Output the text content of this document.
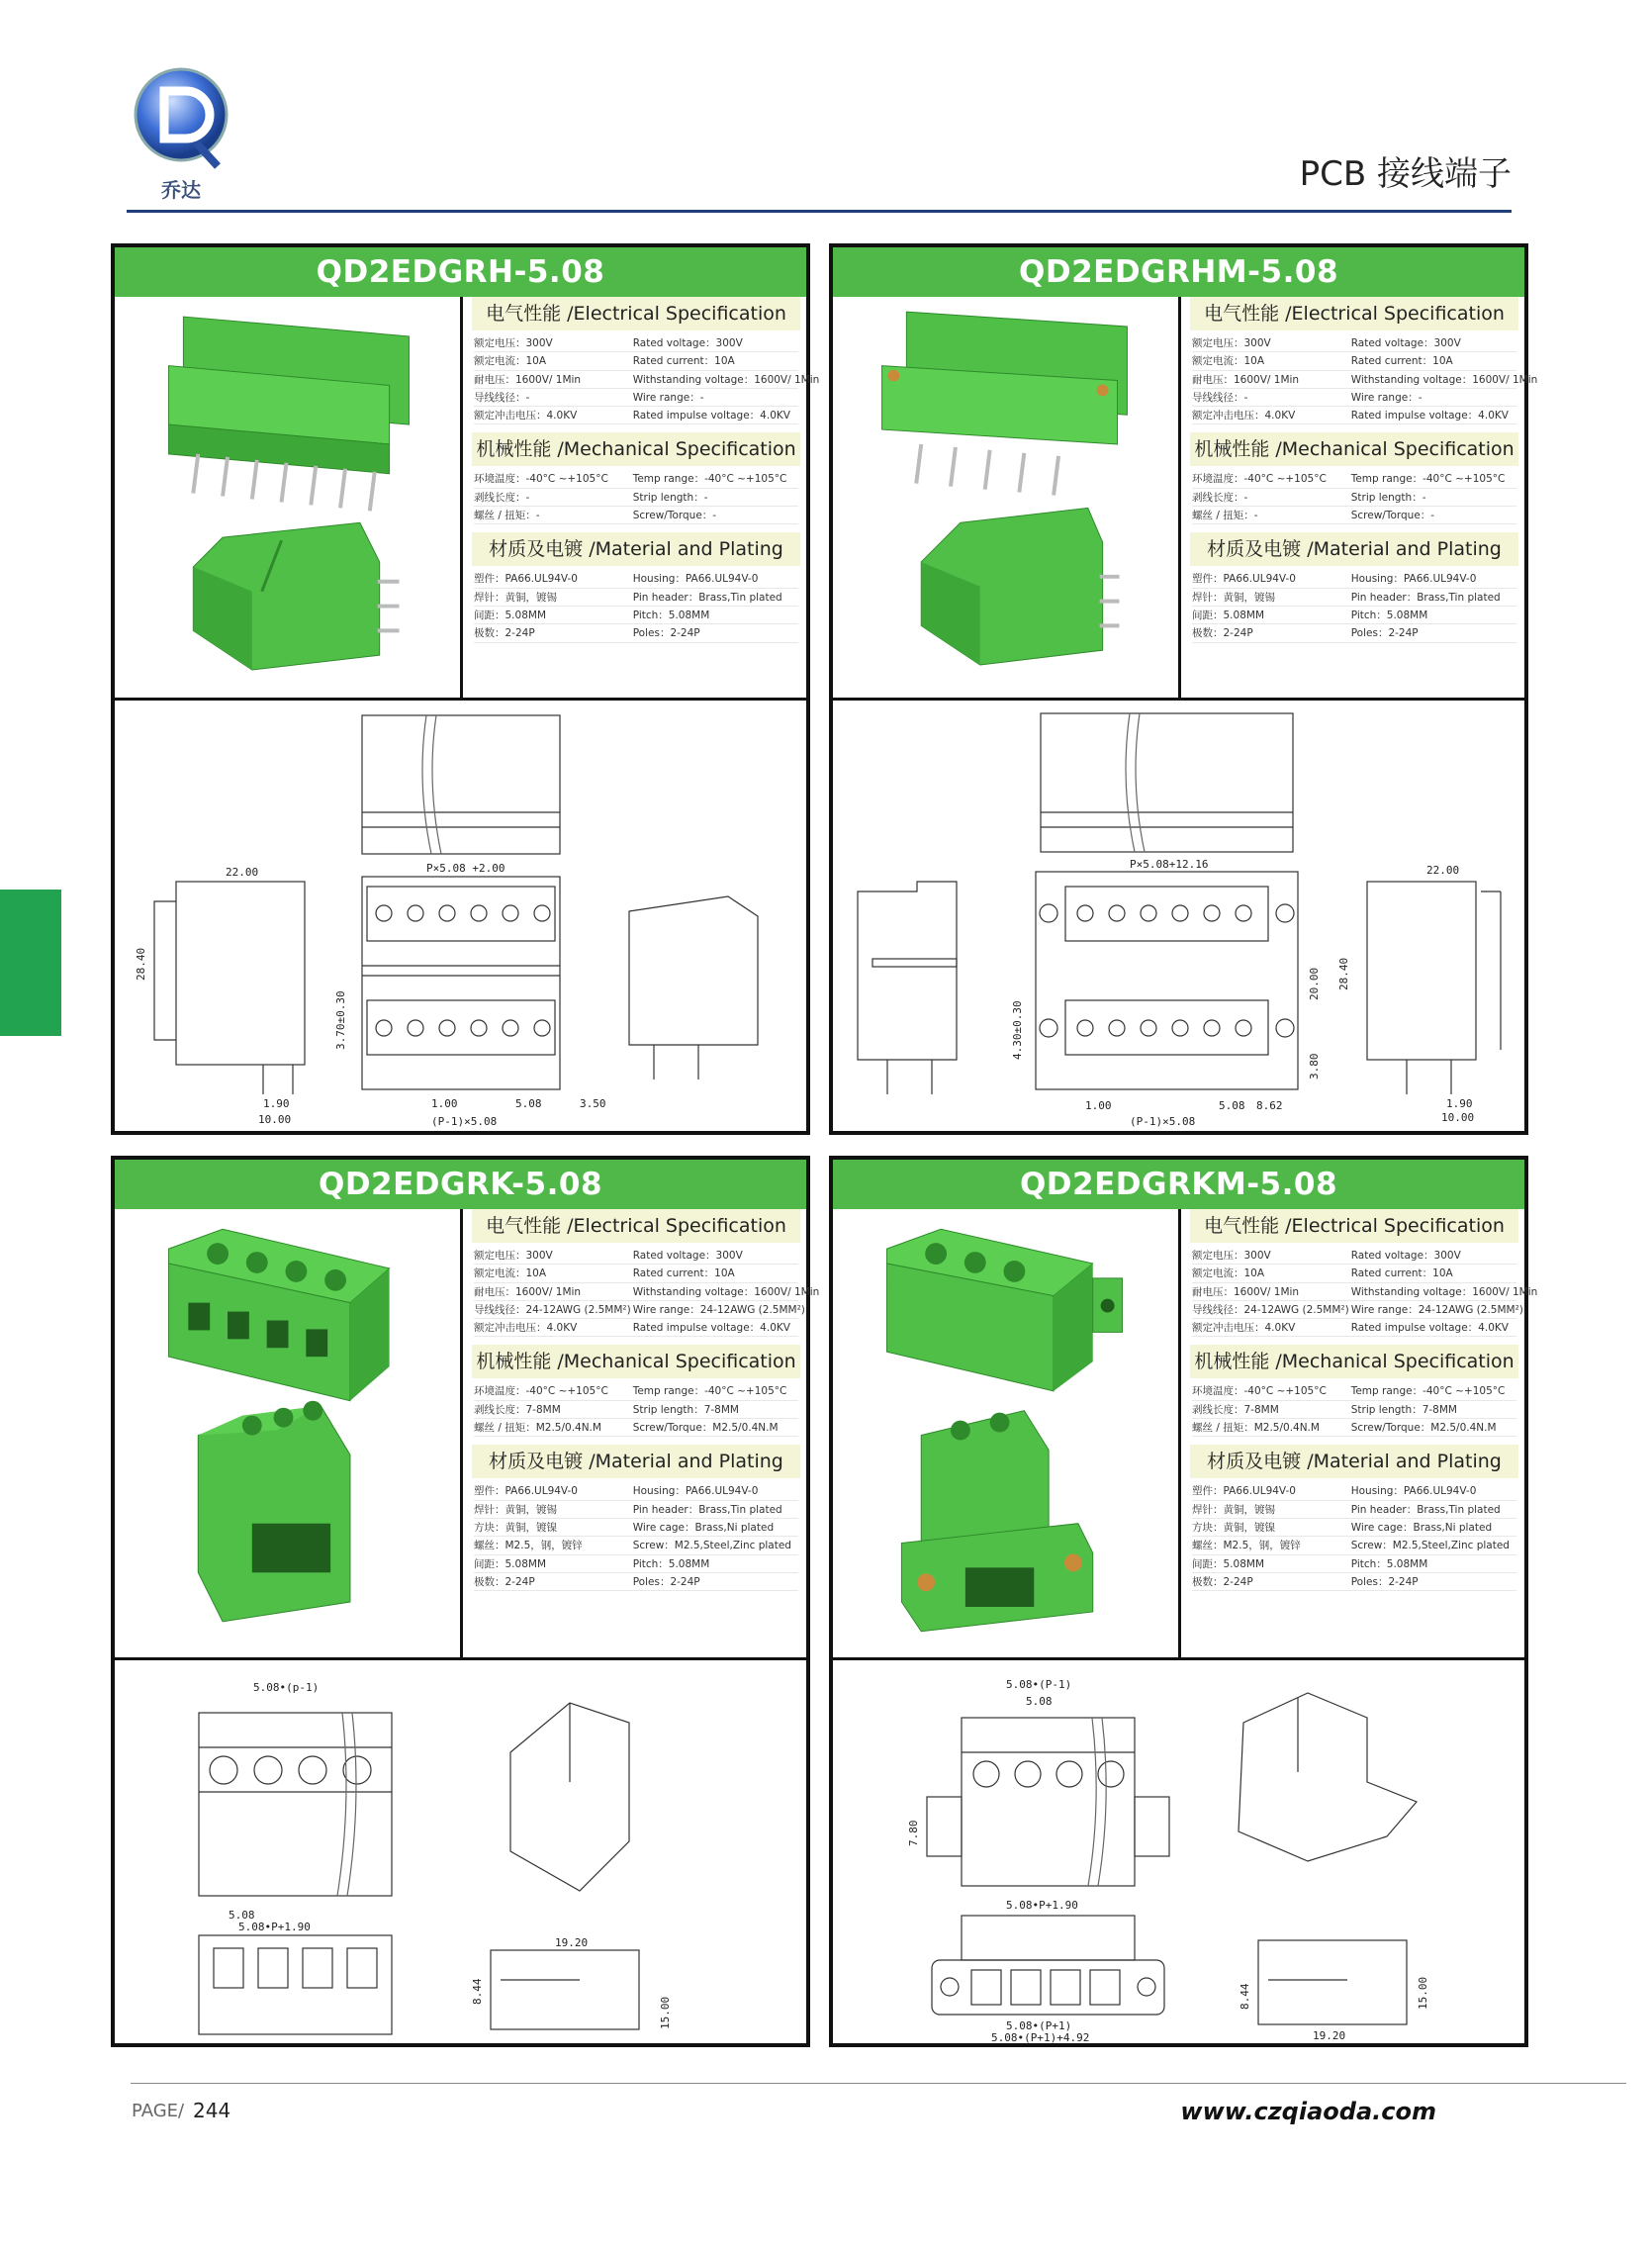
乔达	PCB 接线端子
QD2EDGRH-5.08
电气性能 /Electrical Specification
额定电压：300V	Rated voltage：300V
额定电流：10A	Rated current：10A
耐电压：1600V/ 1Min	Withstanding voltage：1600V/ 1Min
导线线径：-	Wire range：-
额定冲击电压：4.0KV	Rated impulse voltage：4.0KV
机械性能 /Mechanical Specification
环境温度：-40°C ~+105°C	Temp range：-40°C ~+105°C
剥线长度：-	Strip length：-
螺丝 / 扭矩：-	Screw/Torque：-
材质及电镀 /Material and Plating
塑件：PA66.UL94V-0	Housing：PA66.UL94V-0
焊针：黄铜，镀锡	Pin header：Brass,Tin plated
间距：5.08MM	Pitch：5.08MM
极数：2-24P	Poles：2-24P
22.00
28.40
P×5.08 +2.00
3.70±0.30
1.90
10.00
1.00	5.08	3.50
(P-1)×5.08
QD2EDGRHM-5.08
电气性能 /Electrical Specification
额定电压：300V	Rated voltage：300V
额定电流：10A	Rated current：10A
耐电压：1600V/ 1Min	Withstanding voltage：1600V/ 1Min
导线线径：-	Wire range：-
额定冲击电压：4.0KV	Rated impulse voltage：4.0KV
机械性能 /Mechanical Specification
环境温度：-40°C ~+105°C	Temp range：-40°C ~+105°C
剥线长度：-	Strip length：-
螺丝 / 扭矩：-	Screw/Torque：-
材质及电镀 /Material and Plating
塑件：PA66.UL94V-0	Housing：PA66.UL94V-0
焊针：黄铜，镀锡	Pin header：Brass,Tin plated
间距：5.08MM	Pitch：5.08MM
极数：2-24P	Poles：2-24P
P×5.08+12.16	22.00
20.00 28.40
4.30±0.30
3.80
1.00	5.08 8.62
(P-1)×5.08
1.90
10.00
QD2EDGRK-5.08
电气性能 /Electrical Specification
额定电压：300V	Rated voltage：300V
额定电流：10A	Rated current：10A
耐电压：1600V/ 1Min	Withstanding voltage：1600V/ 1Min
导线线径：24-12AWG (2.5MM²) Wire range：24-12AWG (2.5MM²)
额定冲击电压：4.0KV	Rated impulse voltage：4.0KV
机械性能 /Mechanical Specification
环境温度：-40°C ~+105°C	Temp range：-40°C ~+105°C
剥线长度：7-8MM	Strip length：7-8MM
螺丝 / 扭矩：M2.5/0.4N.M	Screw/Torque：M2.5/0.4N.M
材质及电镀 /Material and Plating
塑件：PA66.UL94V-0	Housing：PA66.UL94V-0
焊针：黄铜，镀锡	Pin header：Brass,Tin plated
方块：黄铜，镀镍	Wire cage：Brass,Ni plated
螺丝：M2.5，钢，镀锌	Screw：M2.5,Steel,Zinc plated
间距：5.08MM	Pitch：5.08MM
极数：2-24P	Poles：2-24P
5.08•(p-1)
5.08
5.08•P+1.90
19.20
8.44
15.00
QD2EDGRKM-5.08
电气性能 /Electrical Specification
额定电压：300V	Rated voltage：300V
额定电流：10A	Rated current：10A
耐电压：1600V/ 1Min	Withstanding voltage：1600V/ 1Min
导线线径：24-12AWG (2.5MM²) Wire range：24-12AWG (2.5MM²)
额定冲击电压：4.0KV	Rated impulse voltage：4.0KV
机械性能 /Mechanical Specification
环境温度：-40°C ~+105°C	Temp range：-40°C ~+105°C
剥线长度：7-8MM	Strip length：7-8MM
螺丝 / 扭矩：M2.5/0.4N.M	Screw/Torque：M2.5/0.4N.M
材质及电镀 /Material and Plating
塑件：PA66.UL94V-0	Housing：PA66.UL94V-0
焊针：黄铜，镀锡	Pin header：Brass,Tin plated
方块：黄铜，镀镍	Wire cage：Brass,Ni plated
螺丝：M2.5，钢，镀锌	Screw：M2.5,Steel,Zinc plated
间距：5.08MM	Pitch：5.08MM
极数：2-24P	Poles：2-24P
5.08•(P-1)
5.08
7.80
5.08•P+1.90
5.08•(P+1)
5.08•(P+1)+4.92
8.44	15.00
19.20
PAGE/ 244	www.czqiaoda.com
